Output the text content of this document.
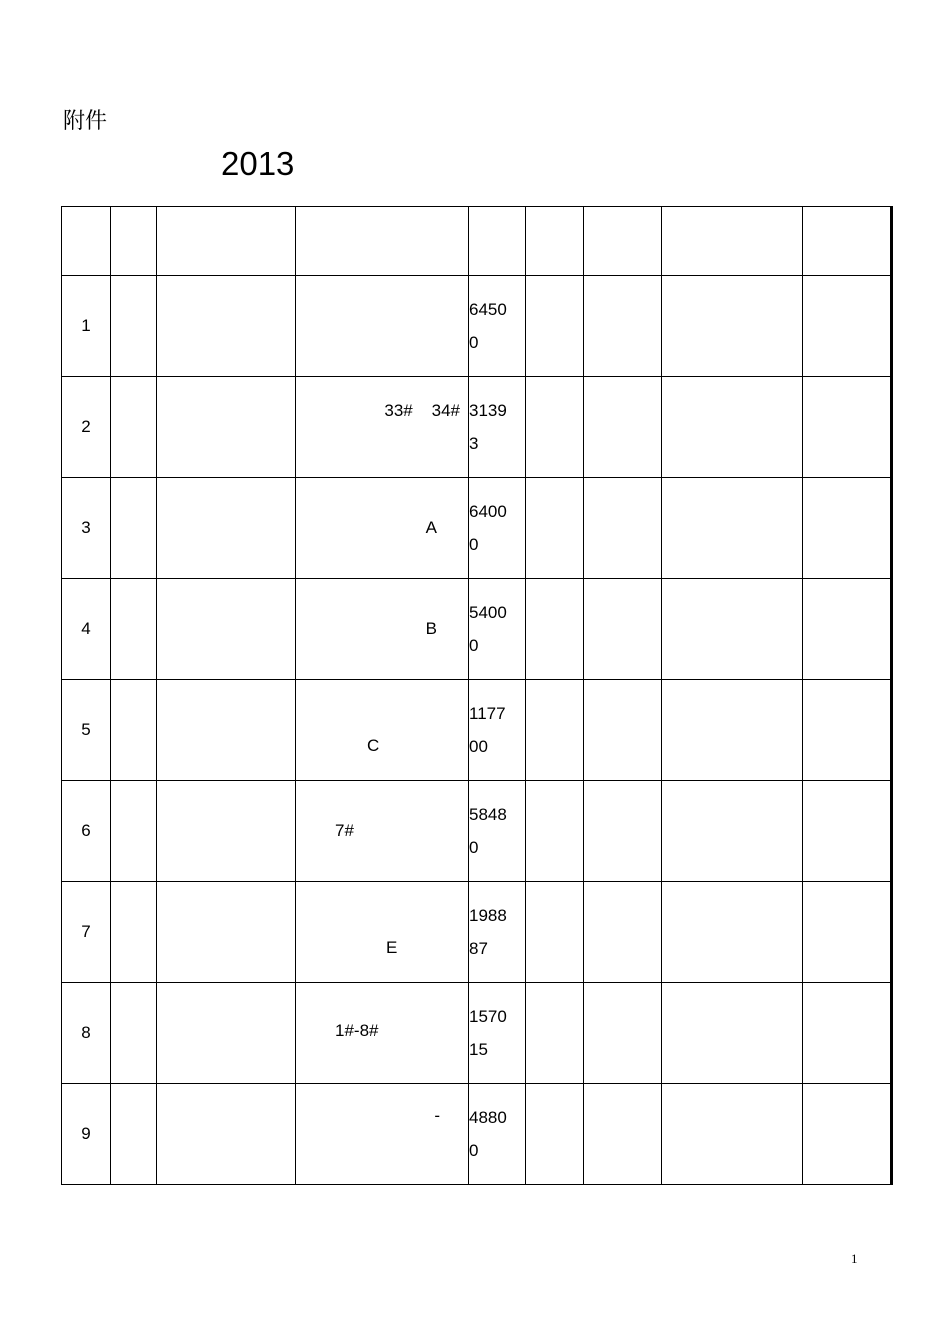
附件
2013

1				64500				

2			33#    34#	31393				

3			A	64000				

4			B	54000				

5			C	117700				

6			7#	58480				

7			E	198887				

8			1#-8#	157015				

9			-	48800				

1
